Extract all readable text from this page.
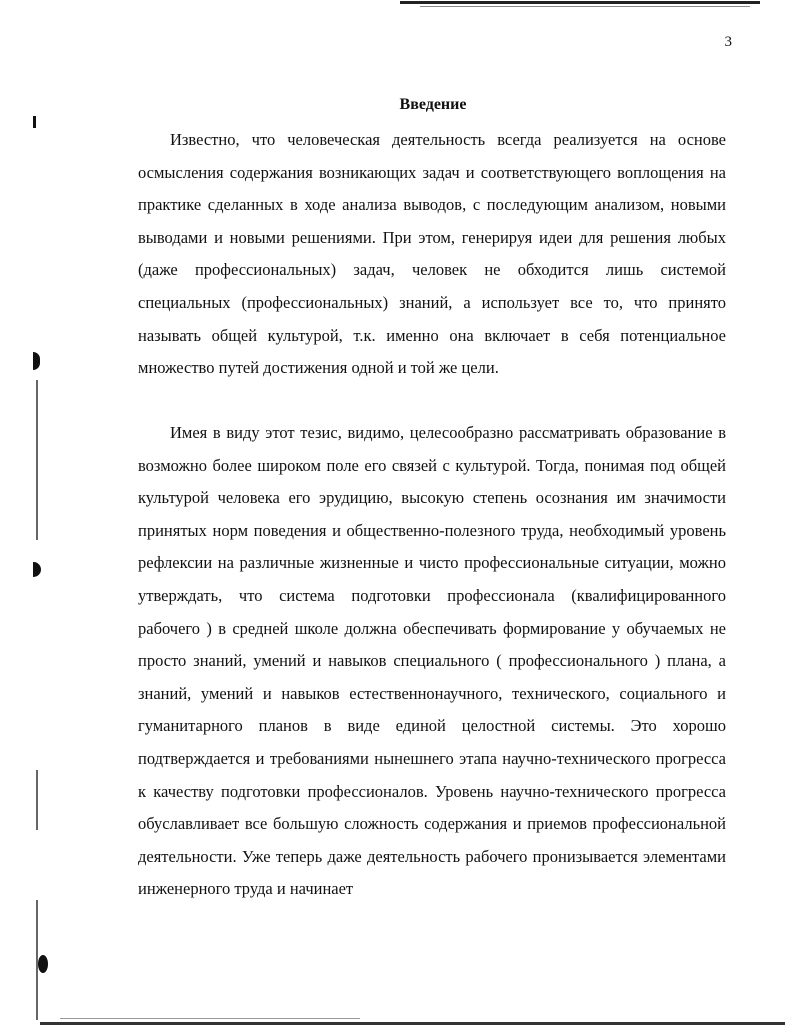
3
Введение

Известно, что человеческая деятельность всегда реализуется на основе осмысления содержания возникающих задач и соответствующего воплощения на практике сделанных в ходе анализа выводов, с последующим анализом, новыми выводами и новыми решениями. При этом, генерируя идеи для решения любых (даже профессиональных) задач, человек не обходится лишь системой специальных (профессиональных) знаний, а использует все то, что принято называть общей культурой, т.к. именно она включает в себя потенциальное множество путей достижения одной и той же цели.

Имея в виду этот тезис, видимо, целесообразно рассматривать образование в возможно более широком поле его связей с культурой. Тогда, понимая под общей культурой человека его эрудицию, высокую степень осознания им значимости принятых норм поведения и общественно-полезного труда, необходимый уровень рефлексии на различные жизненные и чисто профессиональные ситуации, можно утверждать, что система подготовки профессионала (квалифицированного рабочего ) в средней школе должна обеспечивать формирование у обучаемых не просто знаний, умений и навыков специального ( профессионального ) плана, а знаний, умений и навыков естественнонаучного, технического, социального и гуманитарного планов в виде единой целостной системы. Это хорошо подтверждается и требованиями нынешнего этапа научно-технического прогресса к качеству подготовки профессионалов. Уровень научно-технического прогресса обуславливает все большую сложность содержания и приемов профессиональной деятельности. Уже теперь даже деятельность рабочего пронизывается элементами инженерного труда и начинает
